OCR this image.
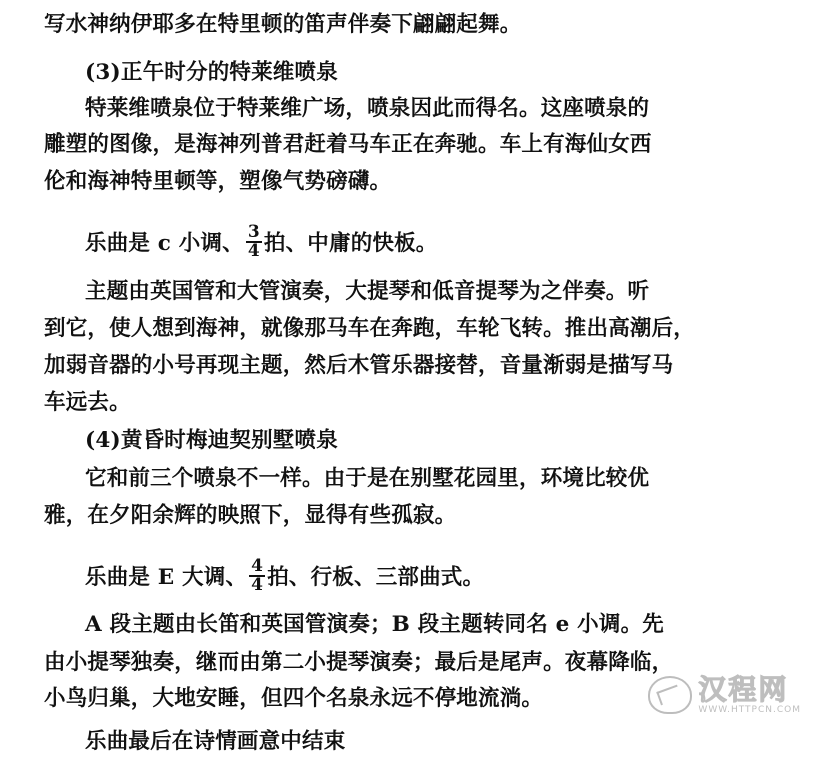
写水神纳伊耶多在特里顿的笛声伴奏下翩翩起舞。
(3)正午时分的特莱维喷泉
特莱维喷泉位于特莱维广场，喷泉因此而得名。这座喷泉的
雕塑的图像，是海神列普君赶着马车正在奔驰。车上有海仙女西
伦和海神特里顿等，塑像气势磅礴。
乐曲是 c 小调、 $\frac{3}{4}$ 拍、中庸的快板。
主题由英国管和大管演奏，大提琴和低音提琴为之伴奏。听
到它，使人想到海神，就像那马车在奔跑，车轮飞转。推出高潮后，
加弱音器的小号再现主题，然后木管乐器接替，音量渐弱是描写马
车远去。
(4)黄昏时梅迪契别墅喷泉
它和前三个喷泉不一样。由于是在别墅花园里，环境比较优
雅，在夕阳余辉的映照下，显得有些孤寂。
乐曲是 E 大调、 $\frac{4}{4}$ 拍、行板、三部曲式。
A 段主题由长笛和英国管演奏；B 段主题转同名 e 小调。先
由小提琴独奏，继而由第二小提琴演奏；最后是尾声。夜幕降临，
小鸟归巢，大地安睡，但四个名泉永远不停地流淌。
乐曲最后在诗情画意中结束
汉程网
WWW.HTTPCN.COM
